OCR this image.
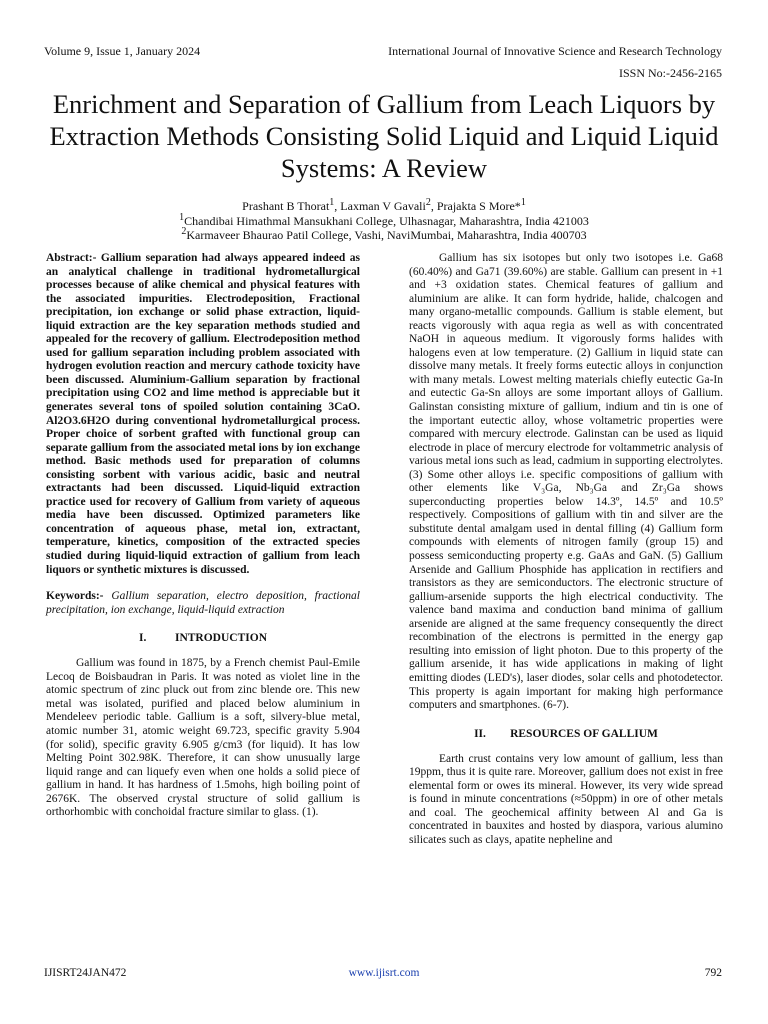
Volume 9, Issue 1, January 2024	International Journal of Innovative Science and Research Technology
ISSN No:-2456-2165
Enrichment and Separation of Gallium from Leach Liquors by Extraction Methods Consisting Solid Liquid and Liquid Liquid Systems: A Review
Prashant B Thorat$^1$, Laxman V Gavali$^2$, Prajakta S More*$^1$
$^1$Chandibai Himathmal Mansukhani College, Ulhasnagar, Maharashtra, India 421003
$^2$Karmaveer Bhaurao Patil College, Vashi, NaviMumbai, Maharashtra, India 400703

Abstract:- Gallium separation had always appeared indeed as an analytical challenge in traditional hydrometallurgical processes because of alike chemical and physical features with the associated impurities. Electrodeposition, Fractional precipitation, ion exchange or solid phase extraction, liquid-liquid extraction are the key separation methods studied and appealed for the recovery of gallium. Electrodeposition method used for gallium separation including problem associated with hydrogen evolution reaction and mercury cathode toxicity have been discussed. Aluminium-Gallium separation by fractional precipitation using CO2 and lime method is appreciable but it generates several tons of spoiled solution containing 3CaO. Al2O3.6H2O during conventional hydrometallurgical process. Proper choice of sorbent grafted with functional group can separate gallium from the associated metal ions by ion exchange method. Basic methods used for preparation of columns consisting sorbent with various acidic, basic and neutral extractants had been discussed. Liquid-liquid extraction practice used for recovery of Gallium from variety of aqueous media have been discussed. Optimized parameters like concentration of aqueous phase, metal ion, extractant, temperature, kinetics, composition of the extracted species studied during liquid-liquid extraction of gallium from leach liquors or synthetic mixtures is discussed.

Keywords:- Gallium separation, electro deposition, fractional precipitation, ion exchange, liquid-liquid extraction

I. INTRODUCTION

Gallium was found in 1875, by a French chemist Paul-Emile Lecoq de Boisbaudran in Paris. It was noted as violet line in the atomic spectrum of zinc pluck out from zinc blende ore. This new metal was isolated, purified and placed below aluminium in Mendeleev periodic table. Gallium is a soft, silvery-blue metal, atomic number 31, atomic weight 69.723, specific gravity 5.904 (for solid), specific gravity 6.905 g/cm3 (for liquid). It has low Melting Point 302.98K. Therefore, it can show unusually large liquid range and can liquefy even when one holds a solid piece of gallium in hand. It has hardness of 1.5mohs, high boiling point of 2676K. The observed crystal structure of solid gallium is orthorhombic with conchoidal fracture similar to glass. (1).

Gallium has six isotopes but only two isotopes i.e. Ga68 (60.40%) and Ga71 (39.60%) are stable. Gallium can present in +1 and +3 oxidation states. Chemical features of gallium and aluminium are alike. It can form hydride, halide, chalcogen and many organo-metallic compounds. Gallium is stable element, but reacts vigorously with aqua regia as well as with concentrated NaOH in aqueous medium. It vigorously forms halides with halogens even at low temperature. (2) Gallium in liquid state can dissolve many metals. It freely forms eutectic alloys in conjunction with many metals. Lowest melting materials chiefly eutectic Ga-In and eutectic Ga-Sn alloys are some important alloys of Gallium. Galinstan consisting mixture of gallium, indium and tin is one of the important eutectic alloy, whose voltametric properties were compared with mercury electrode. Galinstan can be used as liquid electrode in place of mercury electrode for voltammetric analysis of various metal ions such as lead, cadmium in supporting electrolytes. (3) Some other alloys i.e. specific compositions of gallium with other elements like V₃Ga, Nb₃Ga and Zr₃Ga shows superconducting properties below 14.3º, 14.5º and 10.5º respectively. Compositions of gallium with tin and silver are the substitute dental amalgam used in dental filling (4) Gallium form compounds with elements of nitrogen family (group 15) and possess semiconducting property e.g. GaAs and GaN. (5) Gallium Arsenide and Gallium Phosphide has application in rectifiers and transistors as they are semiconductors. The electronic structure of gallium-arsenide supports the high electrical conductivity. The valence band maxima and conduction band minima of gallium arsenide are aligned at the same frequency consequently the direct recombination of the electrons is permitted in the energy gap resulting into emission of light photon. Due to this property of the gallium arsenide, it has wide applications in making of light emitting diodes (LED's), laser diodes, solar cells and photodetector. This property is again important for making high performance computers and smartphones. (6-7).

II. RESOURCES OF GALLIUM

Earth crust contains very low amount of gallium, less than 19ppm, thus it is quite rare. Moreover, gallium does not exist in free elemental form or owes its mineral. However, its very wide spread is found in minute concentrations (≈50ppm) in ore of other metals and coal. The geochemical affinity between Al and Ga is concentrated in bauxites and hosted by diaspora, various alumino silicates such as clays, apatite nepheline and

IJISRT24JAN472	www.ijisrt.com	792
